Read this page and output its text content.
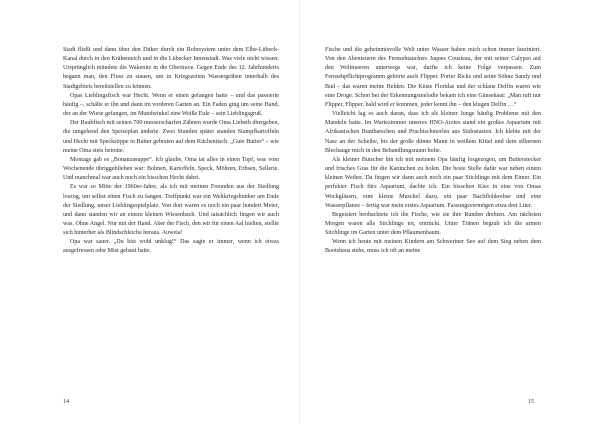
Stadt fließt und dann über den Düker durch ein Rohrsystem unter dem Elbe-Lübeck-Kanal durch in den Krähenteich und in die Lübecker Innenstadt. Was viele nicht wissen: Ursprünglich mündete die Wakenitz in die Obertrave. Gegen Ende des 12. Jahrhunderts begann man, den Fluss zu stauen, um in Kriegszeiten Wassergräben innerhalb des Stadtgebiets bereitstellen zu können.

Opas Lieblingsfisch war Hecht. Wenn er einen gefangen hatte – und das passierte häufig –, schälte er ihn und dann im vorderen Garten an. Ein Faden ging um seine Hand, der an der Wiese gefangen, im Mundwinkel eine Weiße Eule – sein Lieblingsgruß.

Der Raubfisch mit seinen 700 messerscharfen Zähnen wurde Oma Liebeth übergeben, die umgehend den Speiseplan änderte. Zwei Stunden später standen Stampfkartoffeln und Hecht mit Speckstippe in Butter gebraten auf dem Küchentisch. „Gute Butter“ – wie meine Oma stets betonte.

Montags gab es „Bonanzasuppe“. Ich glaube, Oma tat alles in einen Topf, was vom Wochenende übriggeblieben war: Bohnen, Kartoffeln, Speck, Möhren, Erbsen, Sellerie. Und manchmal war auch noch ein bisschen Hecht dabei.

Es war so Mitte der 1960er-Jahre, als ich mit meinen Freunden aus der Siedlung loszog, um selbst einen Fisch zu fangen. Treffpunkt war ein Weltkriegsbunker am Ende der Siedlung, unser Lieblingsspielplatz. Von dort waren es noch ein paar hundert Meter, und dann standen wir an einem kleinen Wiesenbach. Und tatsächlich fingen wir auch was. Ohne Angel. Nur mit der Hand. Aber der Fisch, den wir für einen Aal hielten, stellte sich hinterher als Blindschleiche heraus. Auweia!

Opa war sauer. „Du bist wohl unklug!“ Das sagte er immer, wenn ich etwas ausgefressen oder Mist gebaut hatte.

14

Fische und die geheimnisvolle Welt unter Wasser haben mich schon immer fasziniert. Von den Abenteuern des Fernsehtauchers Jaques Cousteau, der mit seiner Calypso auf den Weltmeeren unterwegs war, durfte ich keine Folge verpassen. Zum Fernsehpflichtprogramm gehörte auch Flipper. Porter Ricks und seine Söhne Sandy und Bud – das waren meine Helden. Die Küste Floridas und der schlaue Delfin waren wie eine Droge. Schon bei der Erkennungsmelodie bekam ich eine Gänsehaut: „Man ruft nur Flipper, Flipper, bald wird er kommen, jeder kennt ihn – den klugen Delfin …“

Vielleicht lag es auch daran, dass ich als kleiner Junge häufig Probleme mit den Mandeln hatte. Im Wartezimmer unseres HNO-Arztes stand ein großes Aquarium mit Afrikanischen Buntbarschen und Prachtschmerlen aus Südostasien. Ich klebte mit der Nase an der Scheibe, bis der große dünne Mann in weißem Kittel und dem silbernen Blechauge mich in den Behandlungsraum holte.

Als kleiner Butscher bin ich mit meinem Opa häufig losgezogen, um Butterstecker und frisches Gras für die Kaninchen zu holen. Die beste Stelle dafür war neben einem kleinen Weiher. Da fingen wir dann auch noch ein paar Stichlinge mit dem Eimer. Ein perfekter Fisch fürs Aquarium, dachte ich. Ein bisschen Kies in eins von Omas Weckgläsern, eine kleine Muschel dazu, ein paar Bachflohkrebse und eine Wasserpflanze – fertig war mein erstes Aquarium. Fassungsvermögen etwa drei Liter.

Begeistert beobachtete ich die Fische, wie sie ihre Runden drehten. Am nächsten Morgen waren alle Stichlinge tot, entrückt. Unter Tränen begrub ich die armen Stichlinge im Garten unter dem Pflaumenbaum.

Wenn ich heute mit meinen Kindern am Schweriner See auf dem Steg neben dem Bootshaus stehe, muss ich oft an meine

15
